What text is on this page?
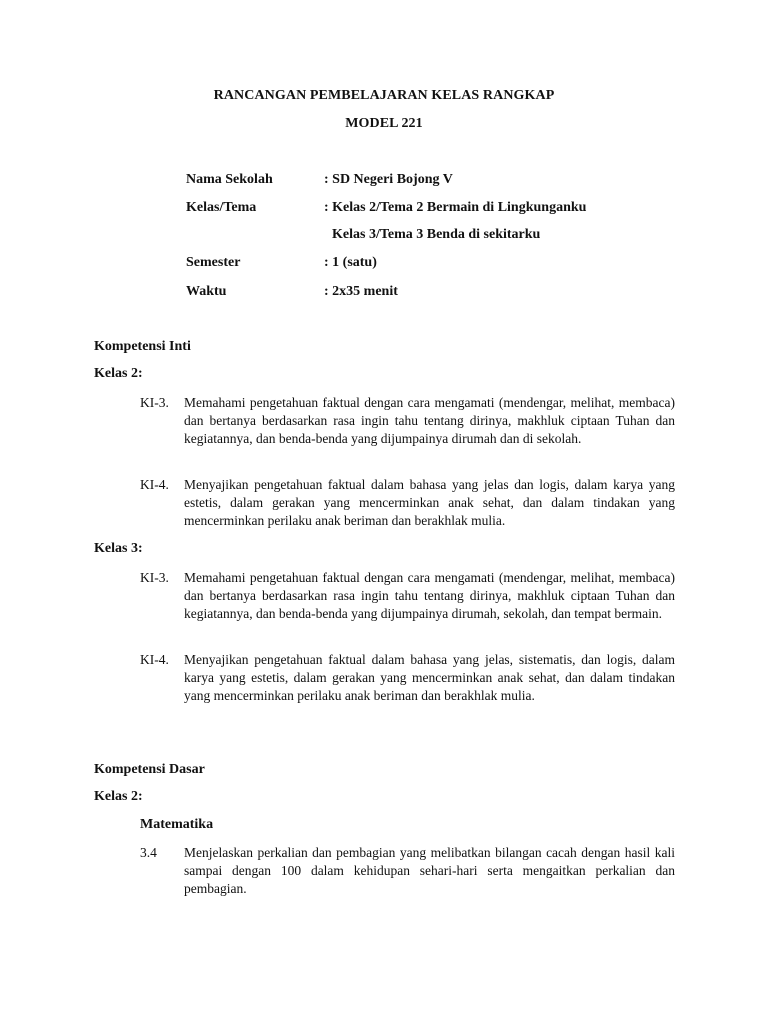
RANCANGAN PEMBELAJARAN KELAS RANGKAP
MODEL 221
Nama Sekolah	: SD Negeri Bojong V
Kelas/Tema	: Kelas 2/Tema 2 Bermain di Lingkunganku
Kelas 3/Tema 3 Benda di sekitarku
Semester	: 1 (satu)
Waktu	: 2x35 menit
Kompetensi Inti
Kelas 2:
KI-3. Memahami pengetahuan faktual dengan cara mengamati (mendengar, melihat, membaca) dan bertanya berdasarkan rasa ingin tahu tentang dirinya, makhluk ciptaan Tuhan dan kegiatannya, dan benda-benda yang dijumpainya dirumah dan di sekolah.
KI-4. Menyajikan pengetahuan faktual dalam bahasa yang jelas dan logis, dalam karya yang estetis, dalam gerakan yang mencerminkan anak sehat, dan dalam tindakan yang mencerminkan perilaku anak beriman dan berakhlak mulia.
Kelas 3:
KI-3. Memahami pengetahuan faktual dengan cara mengamati (mendengar, melihat, membaca) dan bertanya berdasarkan rasa ingin tahu tentang dirinya, makhluk ciptaan Tuhan dan kegiatannya, dan benda-benda yang dijumpainya dirumah, sekolah, dan tempat bermain.
KI-4. Menyajikan pengetahuan faktual dalam bahasa yang jelas, sistematis, dan logis, dalam karya yang estetis, dalam gerakan yang mencerminkan anak sehat, dan dalam tindakan yang mencerminkan perilaku anak beriman dan berakhlak mulia.
Kompetensi Dasar
Kelas 2:
Matematika
3.4 Menjelaskan perkalian dan pembagian yang melibatkan bilangan cacah dengan hasil kali sampai dengan 100 dalam kehidupan sehari-hari serta mengaitkan perkalian dan pembagian.
